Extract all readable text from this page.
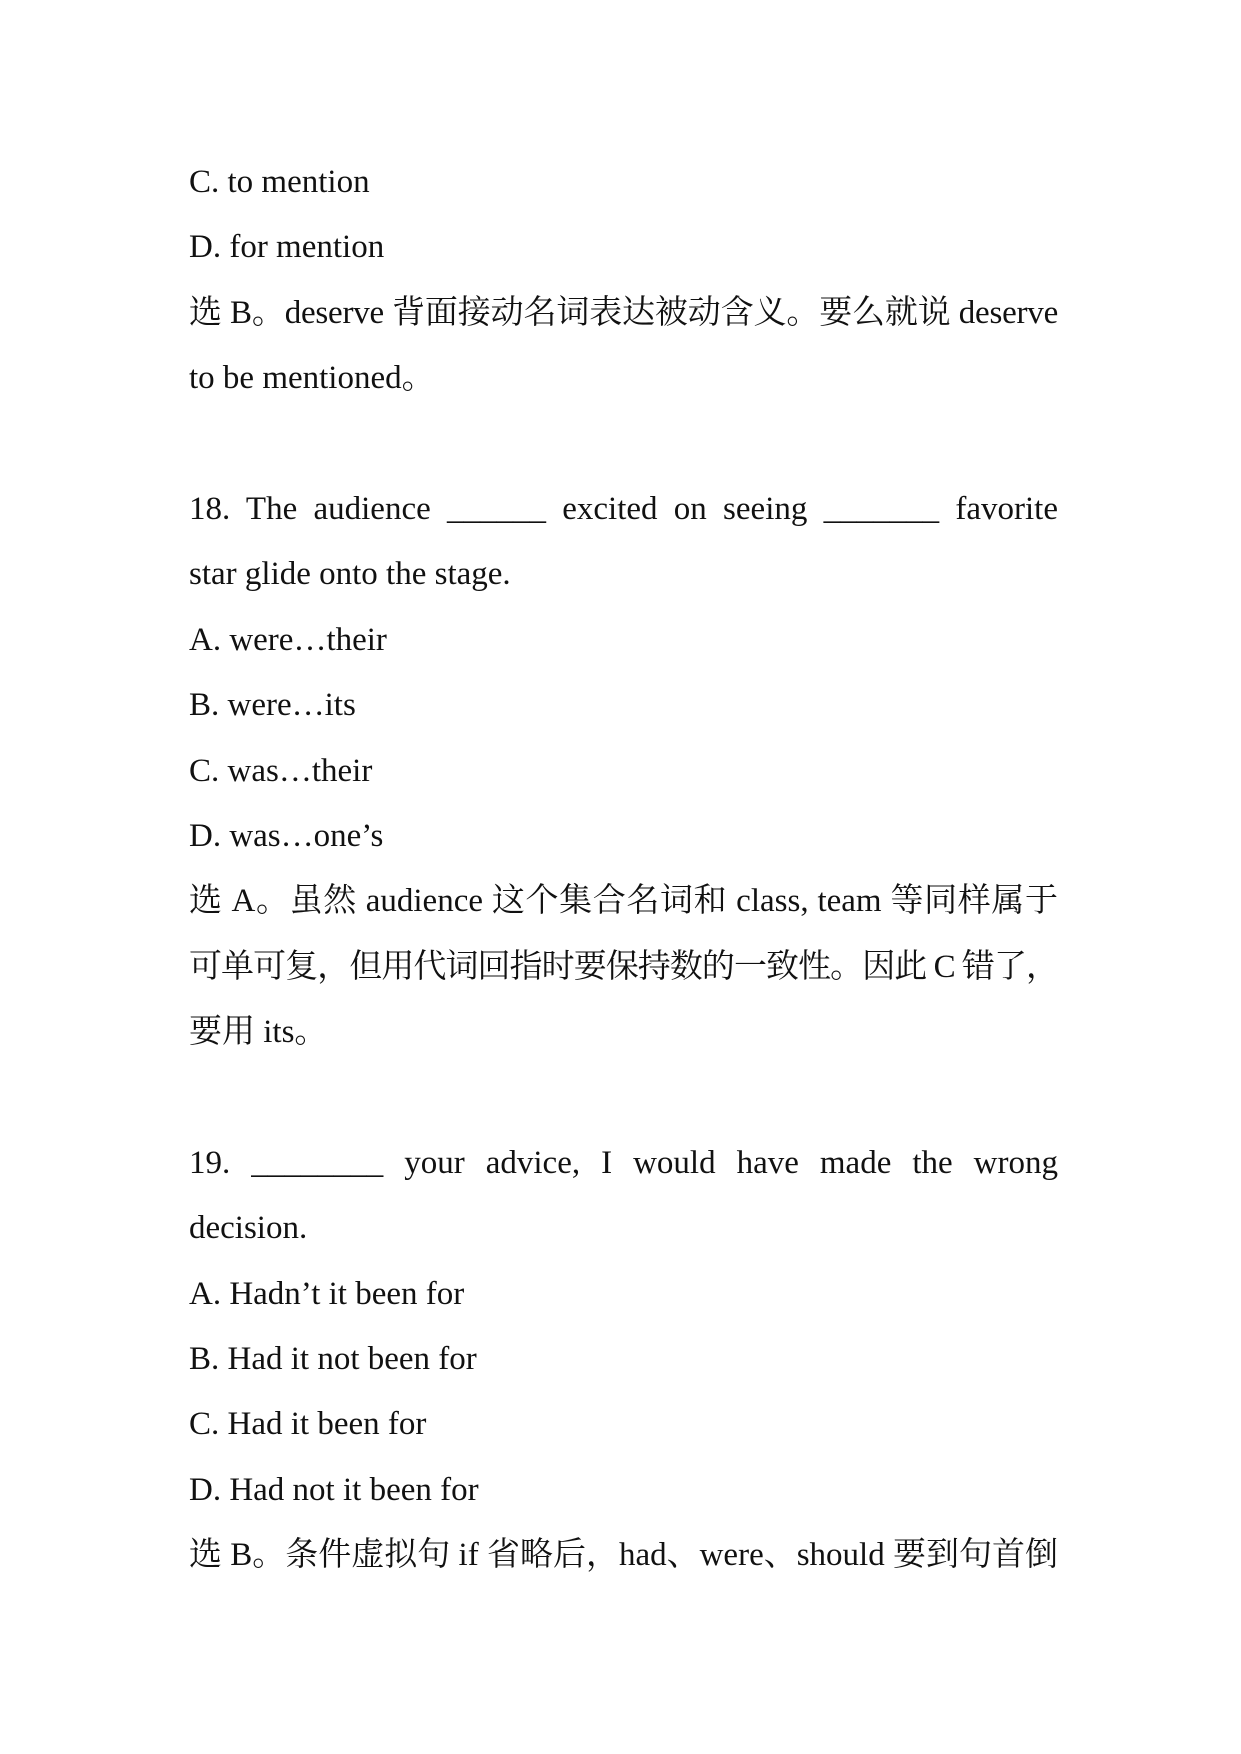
C. to mention
D. for mention
选 B。deserve 背面接动名词表达被动含义。要么就说 deserve
to be mentioned。
18. The audience ______ excited on seeing _______ favorite
star glide onto the stage.
A. were…their
B. were…its
C. was…their
D. was…one’s
选 A。虽然 audience 这个集合名词和 class, team 等同样属于
可单可复，但用代词回指时要保持数的一致性。因此 C 错了，
要用 its。
19. ________ your advice, I would have made the wrong
decision.
A. Hadn’t it been for
B. Had it not been for
C. Had it been for
D. Had not it been for
选 B。条件虚拟句 if 省略后，had、were、should 要到句首倒
